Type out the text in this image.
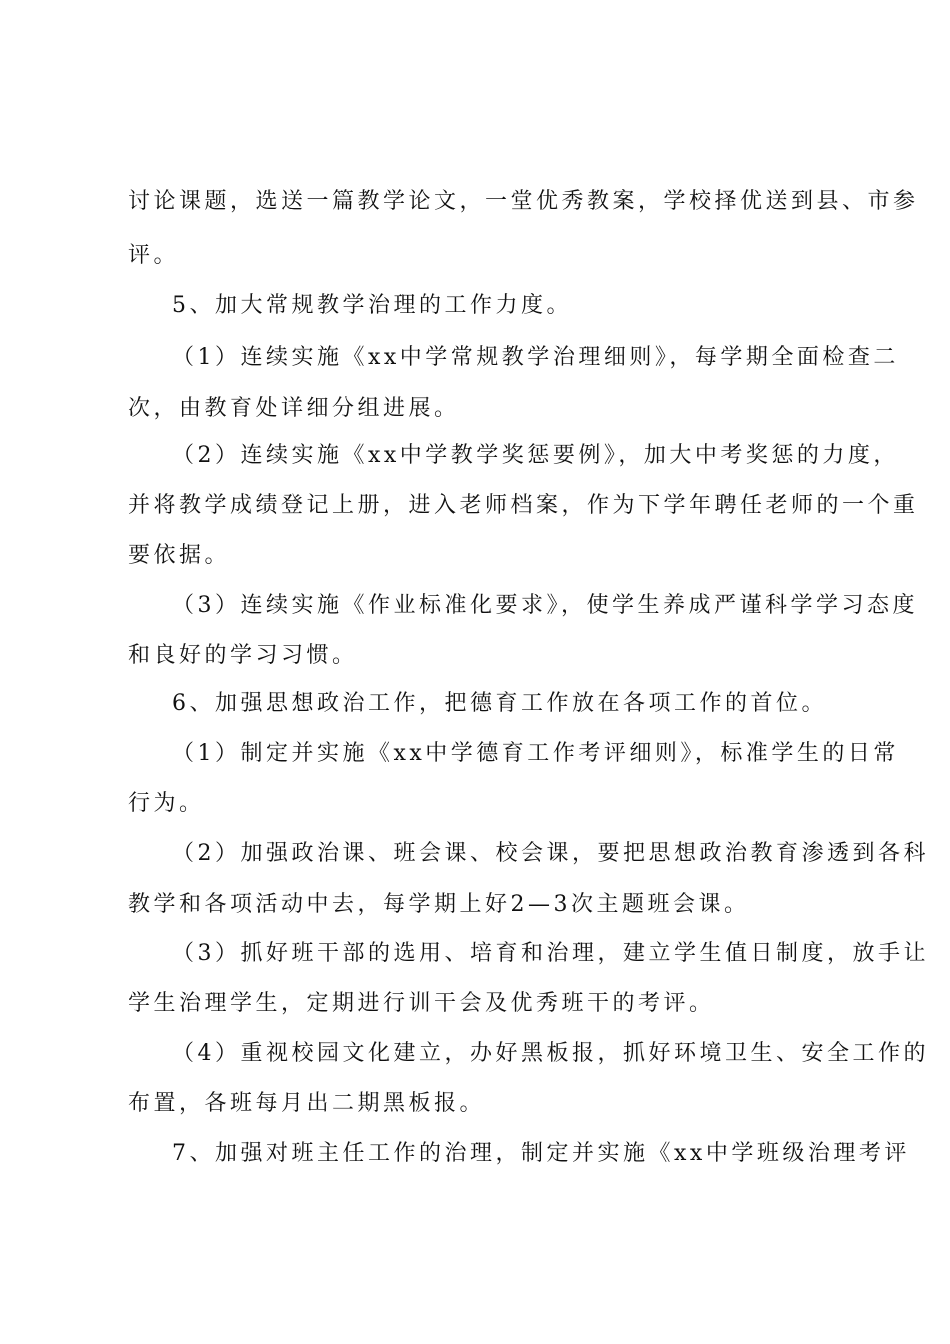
讨论课题，选送一篇教学论文，一堂优秀教案，学校择优送到县、市参
评。
5、加大常规教学治理的工作力度。
（1）连续实施《xx中学常规教学治理细则》，每学期全面检查二
次，由教育处详细分组进展。
（2）连续实施《xx中学教学奖惩要例》，加大中考奖惩的力度，
并将教学成绩登记上册，进入老师档案，作为下学年聘任老师的一个重
要依据。
（3）连续实施《作业标准化要求》，使学生养成严谨科学学习态度
和良好的学习习惯。
6、加强思想政治工作，把德育工作放在各项工作的首位。
（1）制定并实施《xx中学德育工作考评细则》，标准学生的日常
行为。
（2）加强政治课、班会课、校会课，要把思想政治教育渗透到各科
教学和各项活动中去，每学期上好2—3次主题班会课。
（3）抓好班干部的选用、培育和治理，建立学生值日制度，放手让
学生治理学生，定期进行训干会及优秀班干的考评。
（4）重视校园文化建立，办好黑板报，抓好环境卫生、安全工作的
布置，各班每月出二期黑板报。
7、加强对班主任工作的治理，制定并实施《xx中学班级治理考评
